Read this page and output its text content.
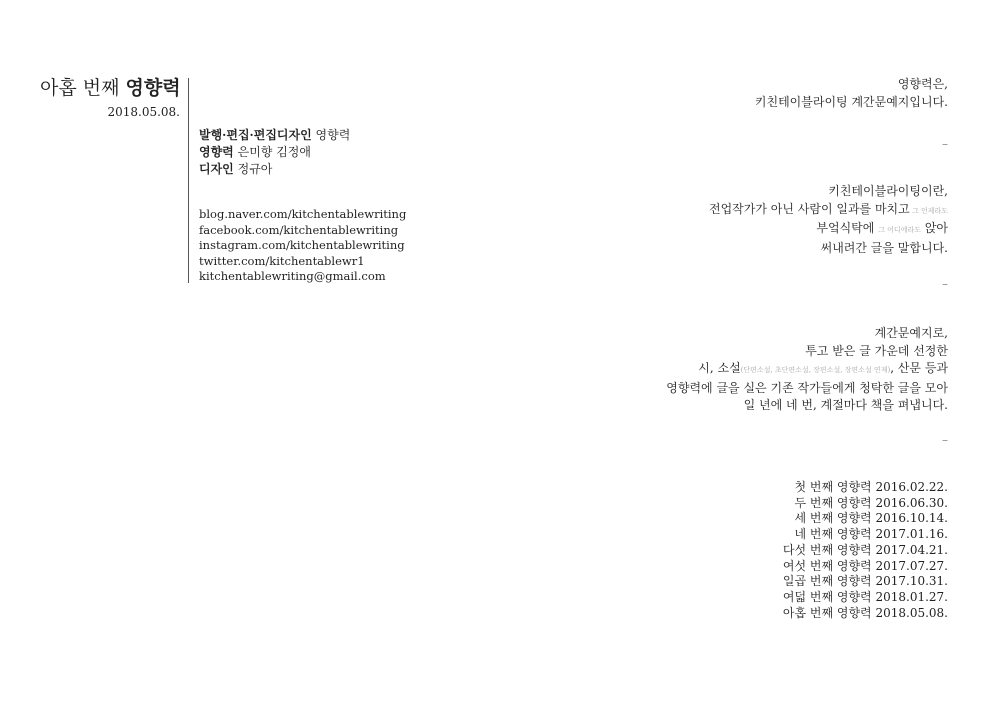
아홉 번째 영향력
2018.05.08.
발행·편집·편집디자인 영향력
영향력 은미향 김정애
디자인 정규아
blog.naver.com/kitchentablewriting
facebook.com/kitchentablewriting
instagram.com/kitchentablewriting
twitter.com/kitchentablewr1
kitchentablewriting@gmail.com
영향력은,
키친테이블라이팅 계간문예지입니다.
–
키친테이블라이팅이란,
전업작가가 아닌 사람이 일과를 마치고 그 언제라도
부엌식탁에 그 어디에라도 앉아
써내려간 글을 말합니다.
–
계간문예지로,
투고 받은 글 가운데 선정한
시, 소설(단편소설, 초단편소설, 장편소설, 장편소설 연재), 산문 등과
영향력에 글을 실은 기존 작가들에게 청탁한 글을 모아
일 년에 네 번, 계절마다 책을 펴냅니다.
–
첫 번째 영향력 2016.02.22.
두 번째 영향력 2016.06.30.
세 번째 영향력 2016.10.14.
네 번째 영향력 2017.01.16.
다섯 번째 영향력 2017.04.21.
여섯 번째 영향력 2017.07.27.
일곱 번째 영향력 2017.10.31.
여덟 번째 영향력 2018.01.27.
아홉 번째 영향력 2018.05.08.
